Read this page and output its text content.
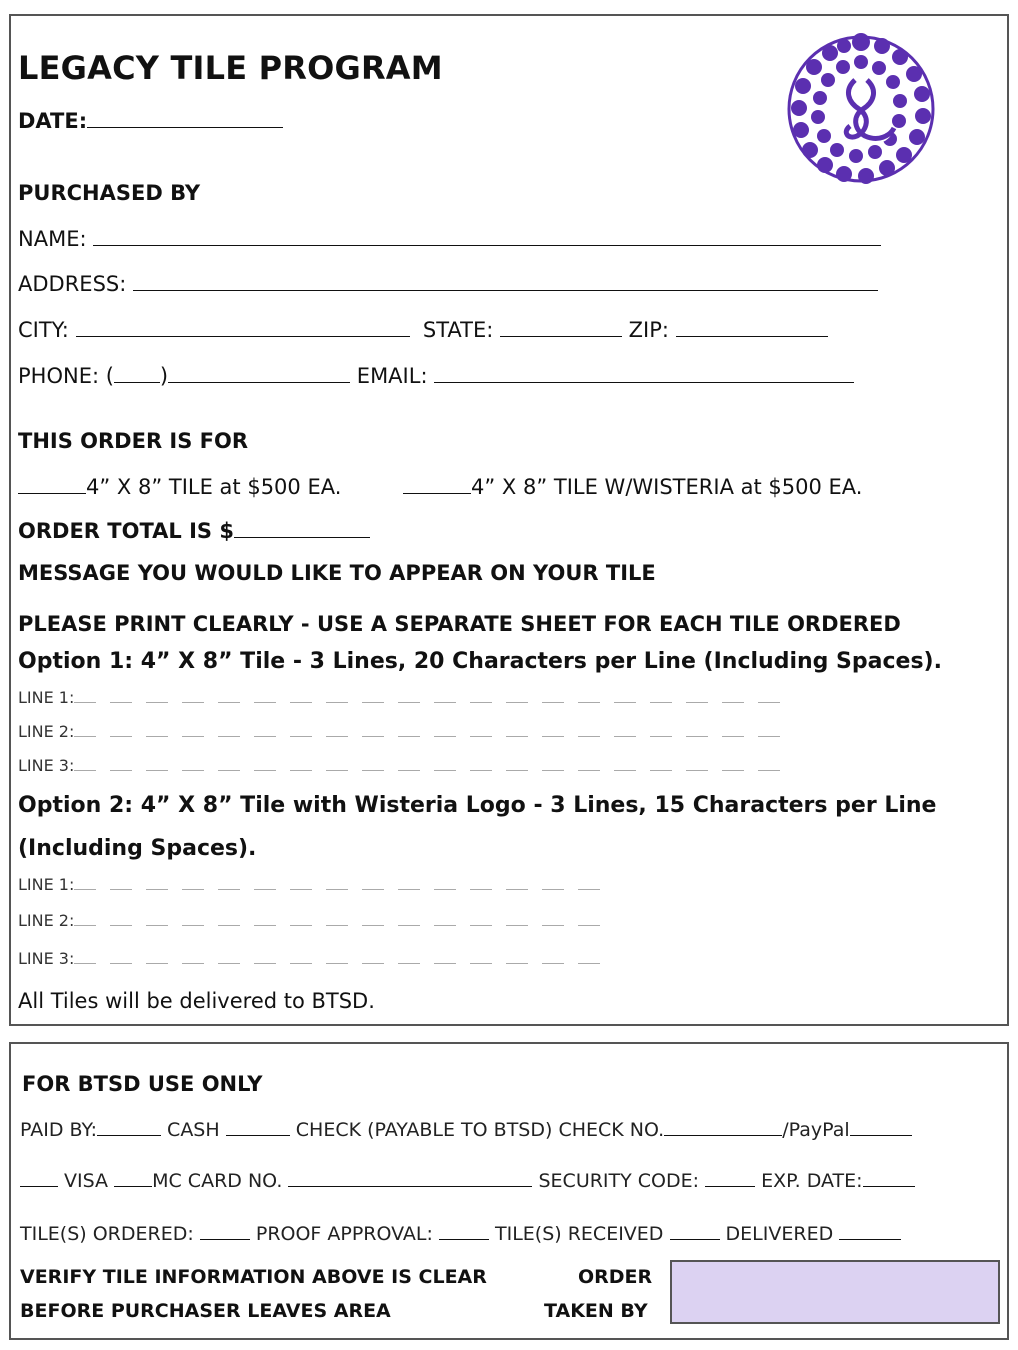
LEGACY TILE PROGRAM
DATE:
PURCHASED BY
NAME:
ADDRESS:
CITY:	STATE:	ZIP:
PHONE: ( )	EMAIL:
THIS ORDER IS FOR
4” X 8” TILE at $500 EA.	4” X 8” TILE W/WISTERIA at $500 EA.
ORDER TOTAL IS $
MESSAGE YOU WOULD LIKE TO APPEAR ON YOUR TILE
PLEASE PRINT CLEARLY - USE A SEPARATE SHEET FOR EACH TILE ORDERED
Option 1: 4” X 8” Tile - 3 Lines, 20 Characters per Line (Including Spaces).
LINE 1:
LINE 2:
LINE 3:
Option 2: 4” X 8” Tile with Wisteria Logo - 3 Lines, 15 Characters per Line
(Including Spaces).
LINE 1:
LINE 2:
LINE 3:
All Tiles will be delivered to BTSD.
FOR BTSD USE ONLY
PAID BY:	CASH	CHECK (PAYABLE TO BTSD) CHECK NO.	/PayPal
VISA MC CARD NO.	SECURITY CODE:	EXP. DATE:
TILE(S) ORDERED:	PROOF APPROVAL:	TILE(S) RECEIVED	DELIVERED
VERIFY TILE INFORMATION ABOVE IS CLEAR
BEFORE PURCHASER LEAVES AREA
ORDER
TAKEN BY
